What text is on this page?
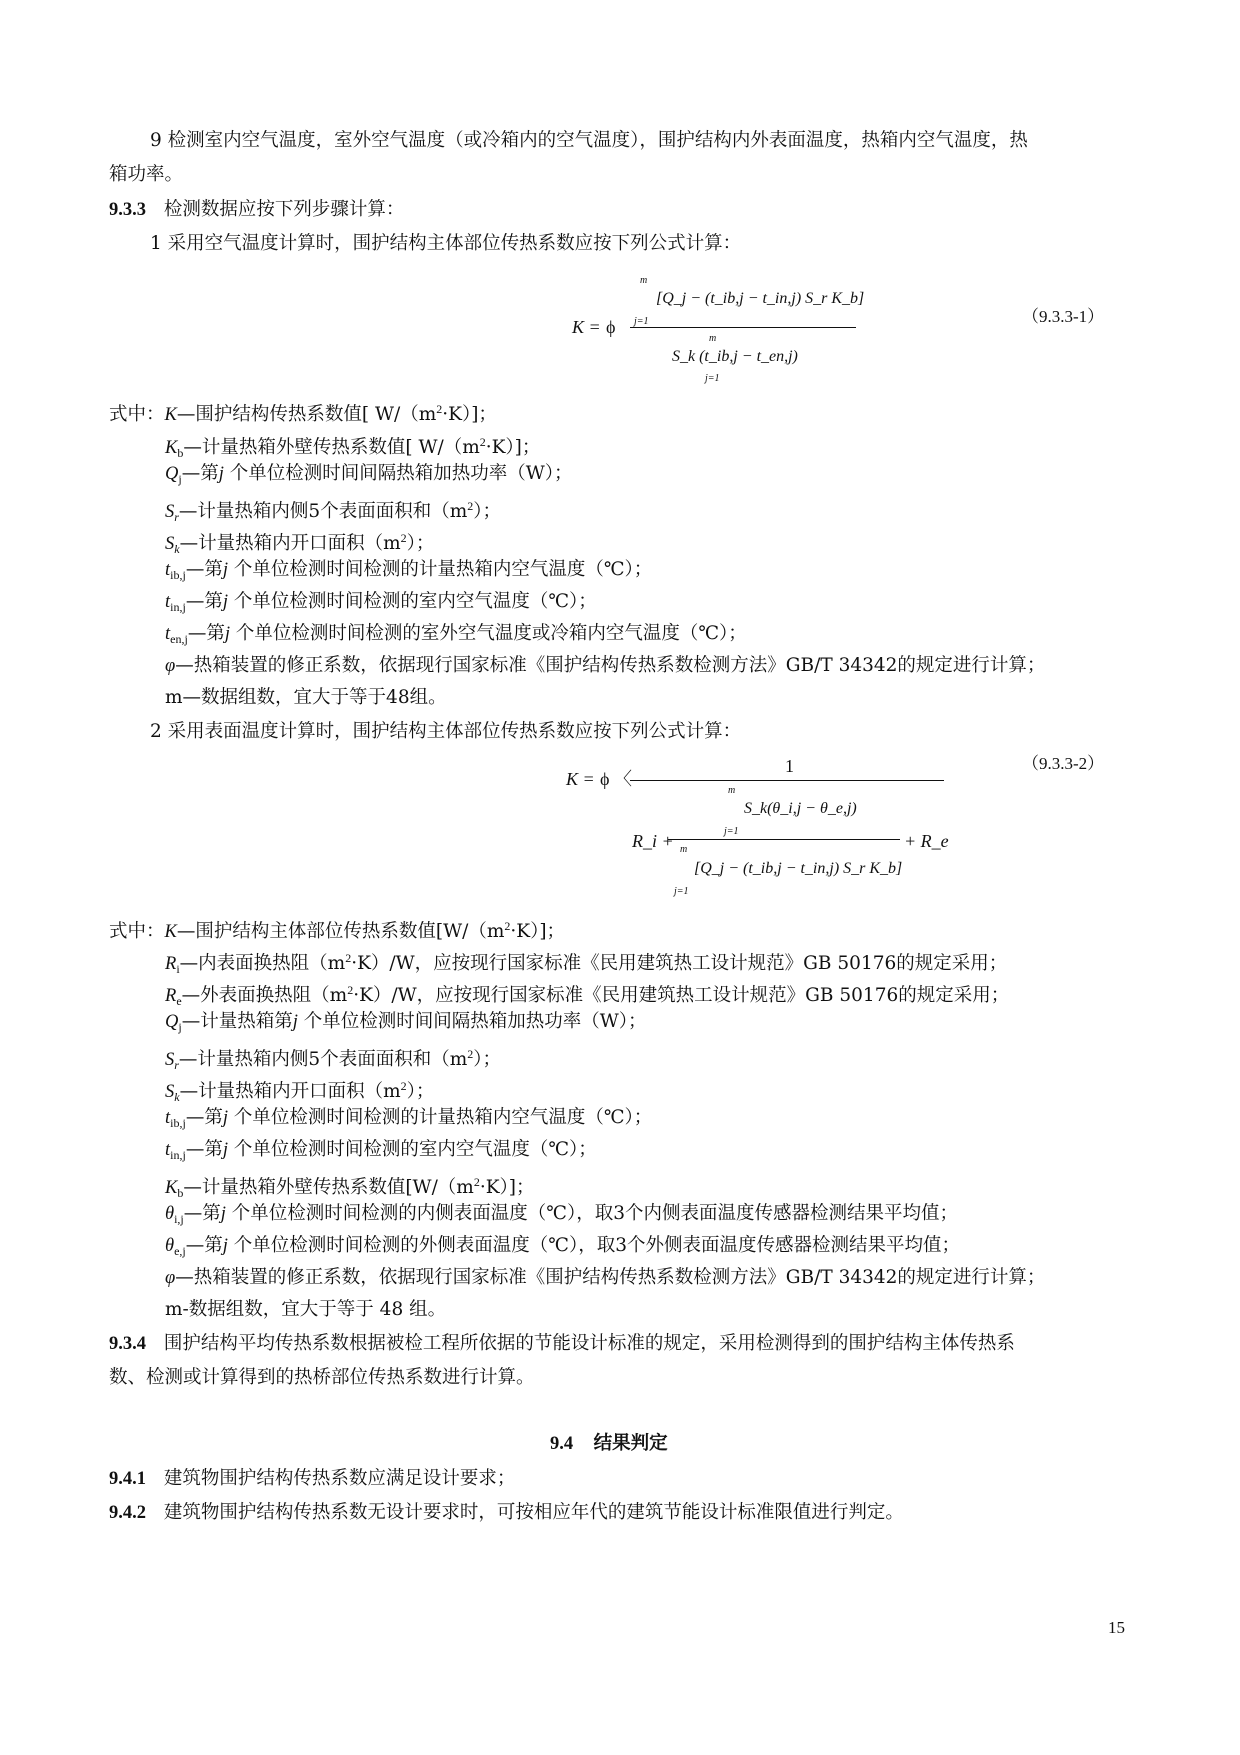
9 检测室内空气温度，室外空气温度（或冷箱内的空气温度），围护结构内外表面温度，热箱内空气温度，热
箱功率。
9.3.3 检测数据应按下列步骤计算：
1 采用空气温度计算时，围护结构主体部位传热系数应按下列公式计算：
K = ϕ
m
j=1
[Q_j − (t_ib,j − t_in,j) S_r K_b]
m
S_k (t_ib,j − t_en,j)
j=1
（9.3.3-1）
式中：K—围护结构传热系数值[ $W/(m^2\cdot K)$]；
$K_b—$计量热箱外壁传热系数值[ $W/(m^2\cdot K)$]；
$Q_j—$第j 个单位检测时间间隔热箱加热功率（W）；
$S_r—$计量热箱内侧5个表面面积和$(m^2)$；
$S_k—$计量热箱内开口面积$(m^2)$；
$t_{ib,j}—$第j 个单位检测时间检测的计量热箱内空气温度（℃）；
$t_{in,j}—$第j 个单位检测时间检测的室内空气温度（℃）；
$t_{en,j}—$第j 个单位检测时间检测的室外空气温度或冷箱内空气温度（℃）；
φ—热箱装置的修正系数，依据现行国家标准《围护结构传热系数检测方法》GB/T 34342的规定进行计算；
m—数据组数，宜大于等于48组。
2 采用表面温度计算时，围护结构主体部位传热系数应按下列公式计算：
K = ϕ 〈
1
m
S_k(θ_i,j − θ_e,j)
j=1
R_i +	+ R_e
m
[Q_j − (t_ib,j − t_in,j) S_r K_b]
j=1
（9.3.3-2）
式中：K—围护结构主体部位传热系数值$[W/(m^2\cdot K)]$；
$R_i—$内表面换热阻$(m^2\cdot K)/W$，应按现行国家标准《民用建筑热工设计规范》GB 50176的规定采用；
$R_e—$外表面换热阻$(m^2\cdot K)/W$，应按现行国家标准《民用建筑热工设计规范》GB 50176的规定采用；
$Q_j—$计量热箱第j 个单位检测时间间隔热箱加热功率（W）；
$S_r—$计量热箱内侧5个表面面积和$(m^2)$；
$S_k—$计量热箱内开口面积$(m^2)$；
$t_{ib,j}—$第j 个单位检测时间检测的计量热箱内空气温度（℃）；
$t_{in,j}—$第j 个单位检测时间检测的室内空气温度（℃）；
$K_b—$计量热箱外壁传热系数值$[W/(m^2\cdot K)]$；
$\theta_{i,j}—$第j 个单位检测时间检测的内侧表面温度（℃），取3个内侧表面温度传感器检测结果平均值；
$\theta_{e,j}—$第j 个单位检测时间检测的外侧表面温度（℃），取3个外侧表面温度传感器检测结果平均值；
φ—热箱装置的修正系数，依据现行国家标准《围护结构传热系数检测方法》GB/T 34342的规定进行计算；
m-数据组数，宜大于等于 48 组。
9.3.4 围护结构平均传热系数根据被检工程所依据的节能设计标准的规定，采用检测得到的围护结构主体传热系
数、检测或计算得到的热桥部位传热系数进行计算。
9.4 结果判定
9.4.1 建筑物围护结构传热系数应满足设计要求；
9.4.2 建筑物围护结构传热系数无设计要求时，可按相应年代的建筑节能设计标准限值进行判定。
15
